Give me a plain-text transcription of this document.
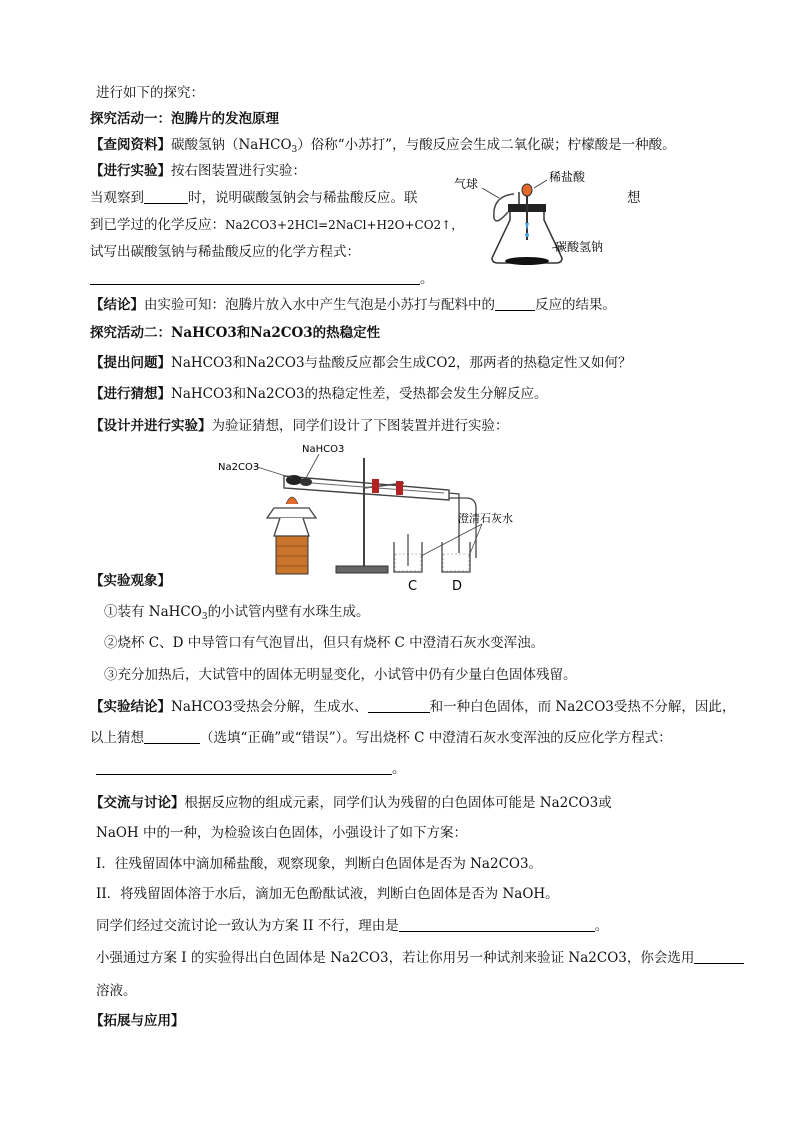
进行如下的探究：
探究活动一：泡腾片的发泡原理
【查阅资料】碳酸氢钠（NaHCO$_3$）俗称“小苏打”，与酸反应会生成二氧化碳；柠檬酸是一种酸。
【进行实验】按右图装置进行实验：
当观察到	时，说明碳酸氢钠会与稀盐酸反应。联	想
到已学过的化学反应：Na2CO3+2HCl=2NaCl+H2O+CO2↑，
试写出碳酸氢钠与稀盐酸反应的化学方程式：
。
【结论】由实验可知：泡腾片放入水中产生气泡是小苏打与配料中的	反应的结果。
气球	稀盐酸
碳酸氢钠
探究活动二：NaHCO3和Na2CO3的热稳定性
【提出问题】NaHCO3和Na2CO3与盐酸反应都会生成CO2，那两者的热稳定性又如何？
【进行猜想】NaHCO3和Na2CO3的热稳定性差，受热都会发生分解反应。
【设计并进行实验】为验证猜想，同学们设计了下图装置并进行实验：
Na2CO3
NaHCO3
澄清石灰水
C	D
【实验观象】
①装有 NaHCO$_3$的小试管内壁有水珠生成。
②烧杯 C、D 中导管口有气泡冒出，但只有烧杯 C 中澄清石灰水变浑浊。
③充分加热后，大试管中的固体无明显变化，小试管中仍有少量白色固体残留。
【实验结论】NaHCO3受热会分解，生成水、	和一种白色固体，而 Na2CO3受热不分解，因此，
以上猜想	（选填“正确”或“错误”）。写出烧杯 C 中澄清石灰水变浑浊的反应化学方程式：
。
【交流与讨论】根据反应物的组成元素，同学们认为残留的白色固体可能是 Na2CO3或
NaOH 中的一种，为检验该白色固体，小强设计了如下方案：
I．往残留固体中滴加稀盐酸，观察现象，判断白色固体是否为 Na2CO3。
II．将残留固体溶于水后，滴加无色酚酞试液，判断白色固体是否为 NaOH。
同学们经过交流讨论一致认为方案 II 不行，理由是	。
小强通过方案 I 的实验得出白色固体是 Na2CO3，若让你用另一种试剂来验证 Na2CO3，你会选用
溶液。
【拓展与应用】
